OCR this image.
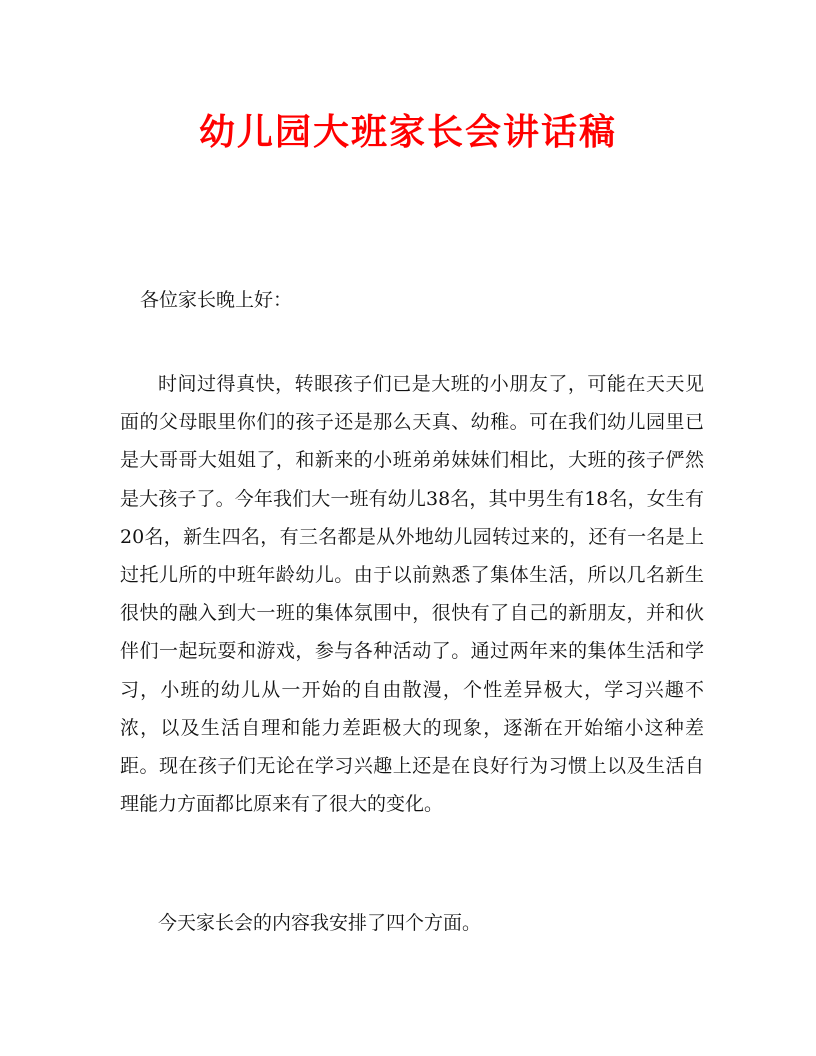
幼儿园大班家长会讲话稿
各位家长晚上好：
时间过得真快，转眼孩子们已是大班的小朋友了，可能在天天见面的父母眼里你们的孩子还是那么天真、幼稚。可在我们幼儿园里已是大哥哥大姐姐了，和新来的小班弟弟妹妹们相比，大班的孩子俨然是大孩子了。今年我们大一班有幼儿38名，其中男生有18名，女生有20名，新生四名，有三名都是从外地幼儿园转过来的，还有一名是上过托儿所的中班年龄幼儿。由于以前熟悉了集体生活，所以几名新生很快的融入到大一班的集体氛围中，很快有了自己的新朋友，并和伙伴们一起玩耍和游戏，参与各种活动了。通过两年来的集体生活和学习，小班的幼儿从一开始的自由散漫，个性差异极大，学习兴趣不浓，以及生活自理和能力差距极大的现象，逐渐在开始缩小这种差距。现在孩子们无论在学习兴趣上还是在良好行为习惯上以及生活自理能力方面都比原来有了很大的变化。
今天家长会的内容我安排了四个方面。
